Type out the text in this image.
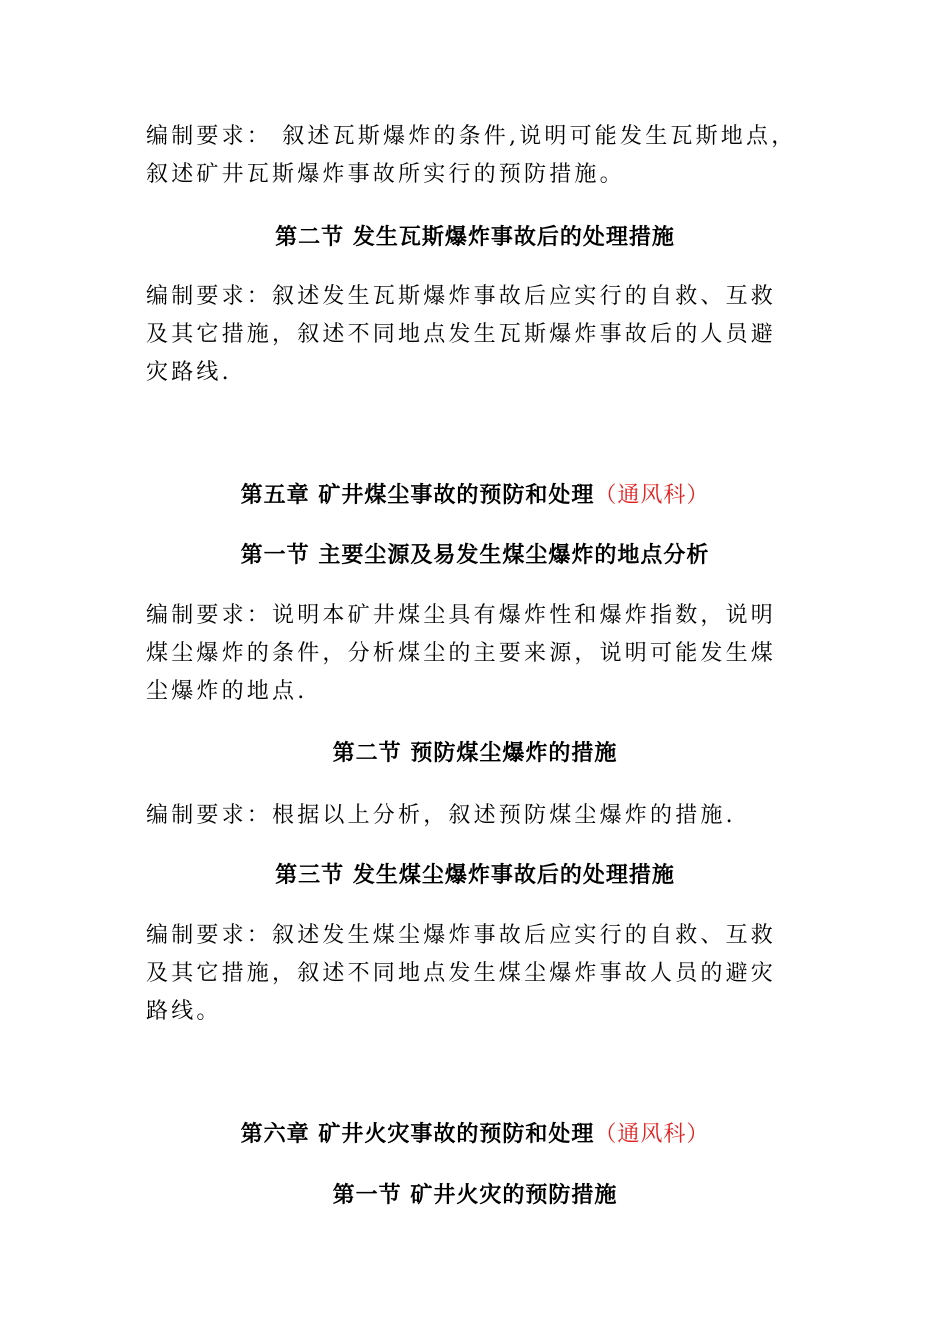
编制要求： 叙述瓦斯爆炸的条件,说明可能发生瓦斯地点，
叙述矿井瓦斯爆炸事故所实行的预防措施。
第二节 发生瓦斯爆炸事故后的处理措施
编制要求：叙述发生瓦斯爆炸事故后应实行的自救、互救
及其它措施，叙述不同地点发生瓦斯爆炸事故后的人员避
灾路线.
第五章 矿井煤尘事故的预防和处理（通风科）
第一节 主要尘源及易发生煤尘爆炸的地点分析
编制要求：说明本矿井煤尘具有爆炸性和爆炸指数，说明
煤尘爆炸的条件，分析煤尘的主要来源，说明可能发生煤
尘爆炸的地点.
第二节 预防煤尘爆炸的措施
编制要求：根据以上分析，叙述预防煤尘爆炸的措施.
第三节 发生煤尘爆炸事故后的处理措施
编制要求：叙述发生煤尘爆炸事故后应实行的自救、互救
及其它措施，叙述不同地点发生煤尘爆炸事故人员的避灾
路线。
第六章 矿井火灾事故的预防和处理（通风科）
第一节 矿井火灾的预防措施
